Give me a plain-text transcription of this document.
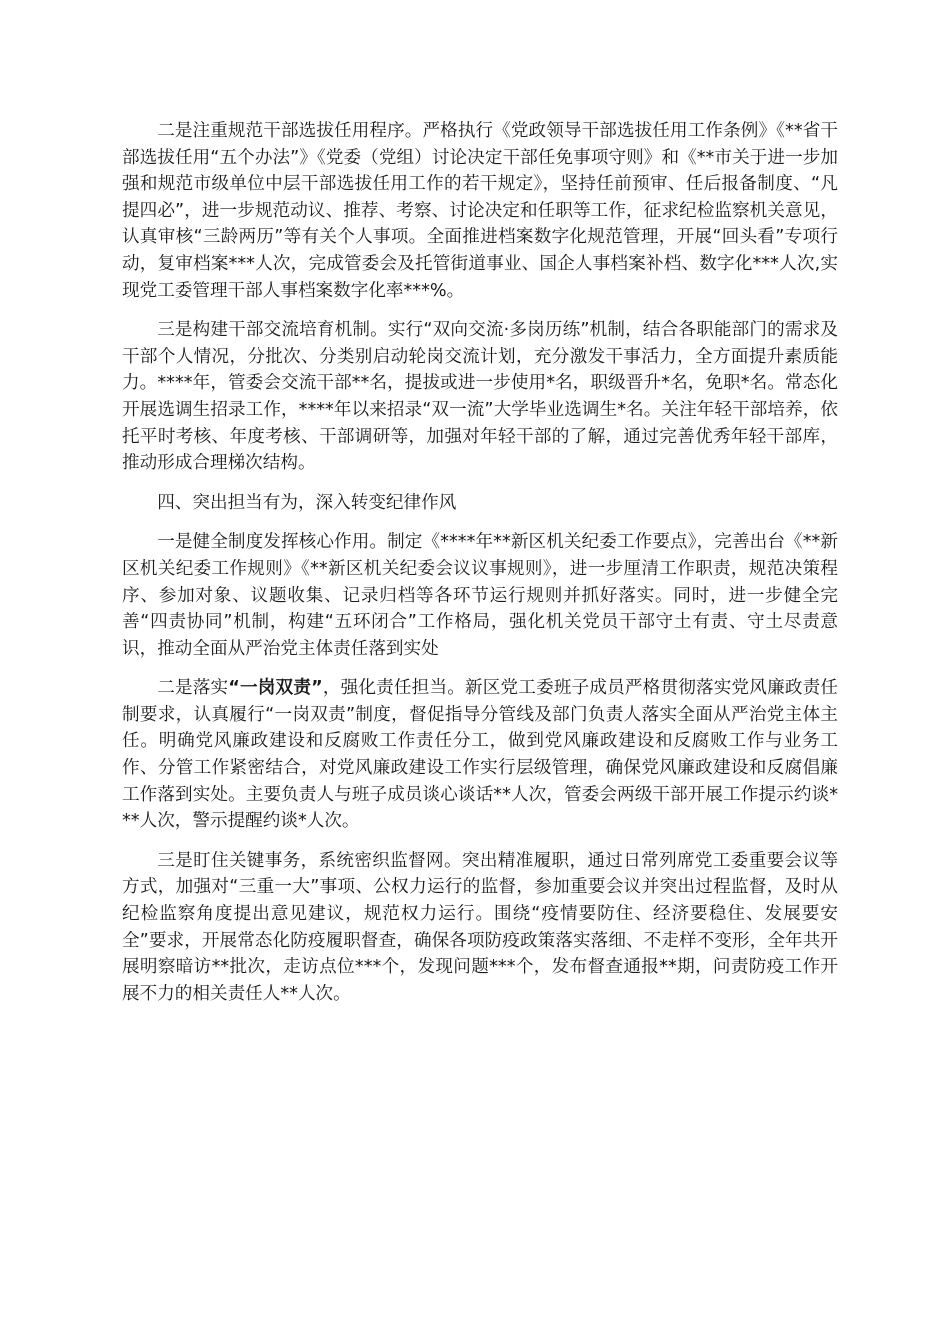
二是注重规范干部选拔任用程序。严格执行《党政领导干部选拔任用工作条例》《**省干部选拔任用“五个办法”》《党委（党组）讨论决定干部任免事项守则》和《**市关于进一步加强和规范市级单位中层干部选拔任用工作的若干规定》，坚持任前预审、任后报备制度、“凡提四必”，进一步规范动议、推荐、考察、讨论决定和任职等工作，征求纪检监察机关意见，认真审核“三龄两历”等有关个人事项。全面推进档案数字化规范管理，开展“回头看”专项行动，复审档案***人次，完成管委会及托管街道事业、国企人事档案补档、数字化***人次,实现党工委管理干部人事档案数字化率***%。

三是构建干部交流培育机制。实行“双向交流·多岗历练”机制，结合各职能部门的需求及干部个人情况，分批次、分类别启动轮岗交流计划，充分激发干事活力，全方面提升素质能力。****年，管委会交流干部**名，提拔或进一步使用*名，职级晋升*名，免职*名。常态化开展选调生招录工作，****年以来招录“双一流”大学毕业选调生*名。关注年轻干部培养，依托平时考核、年度考核、干部调研等，加强对年轻干部的了解，通过完善优秀年轻干部库，推动形成合理梯次结构。

四、突出担当有为，深入转变纪律作风

一是健全制度发挥核心作用。制定《****年**新区机关纪委工作要点》，完善出台《**新区机关纪委工作规则》《**新区机关纪委会议议事规则》，进一步厘清工作职责，规范决策程序、参加对象、议题收集、记录归档等各环节运行规则并抓好落实。同时，进一步健全完善“四责协同”机制，构建“五环闭合”工作格局，强化机关党员干部守土有责、守土尽责意识，推动全面从严治党主体责任落到实处

二是落实“一岗双责”，强化责任担当。新区党工委班子成员严格贯彻落实党风廉政责任制要求，认真履行“一岗双责”制度，督促指导分管线及部门负责人落实全面从严治党主体主任。明确党风廉政建设和反腐败工作责任分工，做到党风廉政建设和反腐败工作与业务工作、分管工作紧密结合，对党风廉政建设工作实行层级管理，确保党风廉政建设和反腐倡廉工作落到实处。主要负责人与班子成员谈心谈话**人次，管委会两级干部开展工作提示约谈***人次，警示提醒约谈*人次。

三是盯住关键事务，系统密织监督网。突出精准履职，通过日常列席党工委重要会议等方式，加强对“三重一大”事项、公权力运行的监督，参加重要会议并突出过程监督，及时从纪检监察角度提出意见建议，规范权力运行。围绕“疫情要防住、经济要稳住、发展要安全”要求，开展常态化防疫履职督查，确保各项防疫政策落实落细、不走样不变形，全年共开展明察暗访**批次，走访点位***个，发现问题***个，发布督查通报**期，问责防疫工作开展不力的相关责任人**人次。
